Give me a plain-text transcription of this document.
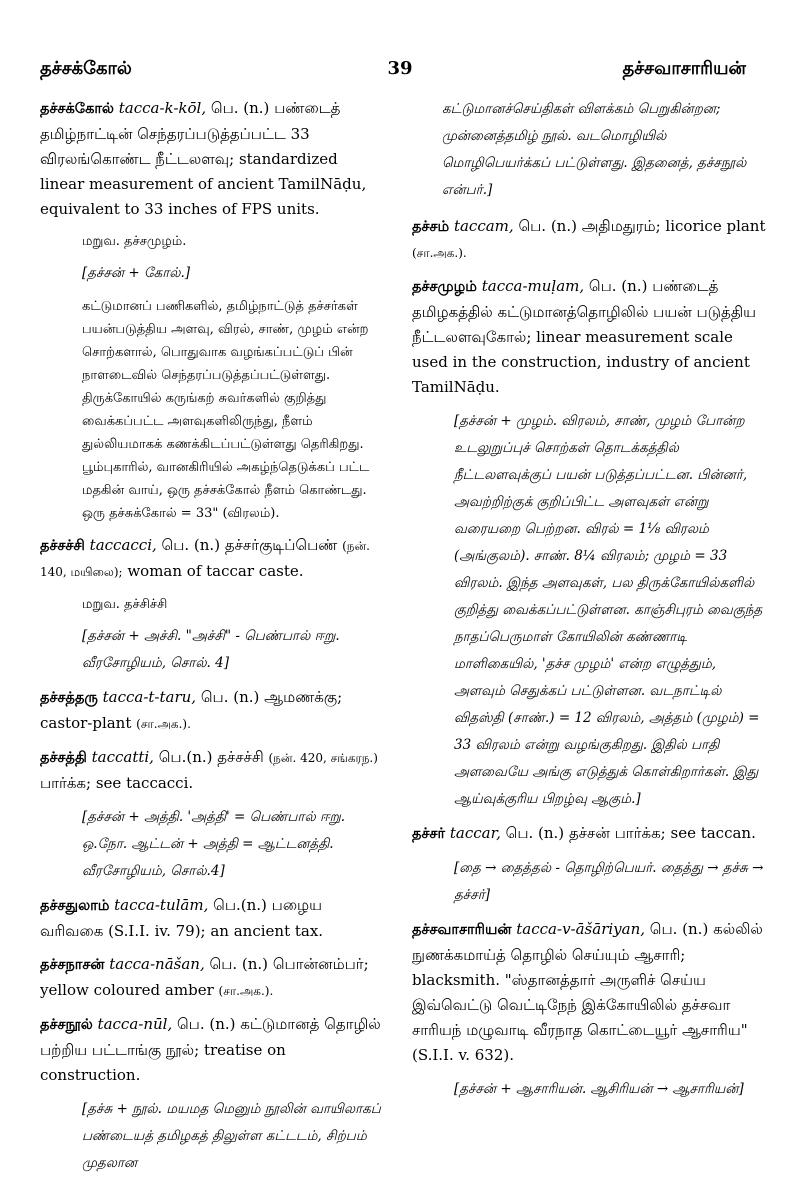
39
தச்சக்கோல்	தச்சவாசாரியன்
தச்சக்கோல் tacca-k-kōl, பெ. (n.) பண்டைத் தமிழ்நாட்டின் செந்தரப்படுத்தப்பட்ட 33 விரலங்கொண்ட நீட்டலளவு; standardized linear measurement of ancient TamilNāḍu, equivalent to 33 inches of FPS units.
மறுவ. தச்சமுழம்.
[தச்சன் + கோல்.]
கட்டுமானப் பணிகளில், தமிழ்நாட்டுத் தச்சர்கள் பயன்படுத்திய அளவு, விரல், சாண், முழம் என்ற சொற்களால், பொதுவாக வழங்கப்பட்டுப் பின் நாளடைவில் செந்தரப்படுத்தப்பட்டுள்ளது. திருக்கோயில் கருங்கற் சுவர்களில் குறித்து வைக்கப்பட்ட அளவுகளிலிருந்து, நீளம் துல்லியமாகக் கணக்கிடப்பட்டுள்ளது தெரிகிறது. பூம்புகாரில், வானகிரியில் அகழ்ந்தெடுக்கப் பட்ட மதகின் வாய், ஒரு தச்சக்கோல் நீளம் கொண்டது. ஒரு தச்சுக்கோல் = 33" (விரலம்).
தச்சச்சி taccacci, பெ. (n.) தச்சர்குடிப்பெண் (நன். 140, மயிலை); woman of taccar caste.
மறுவ. தச்சிச்சி
[தச்சன் + அச்சி. "அச்சி" - பெண்பால் ஈறு. வீரசோழியம், சொல். 4]
தச்சத்தரு tacca-t-taru, பெ. (n.) ஆமணக்கு; castor-plant (சா.அக.).
தச்சத்தி taccatti, பெ.(n.) தச்சச்சி (நன். 420, சங்கரந.) பார்க்க; see taccacci.
[தச்சன் + அத்தி. 'அத்தி' = பெண்பால் ஈறு. ஒ.நோ. ஆட்டன் + அத்தி = ஆட்டனத்தி. வீரசோழியம், சொல்.4]
தச்சதுலாம் tacca-tulām, பெ.(n.) பழைய வரிவகை (S.I.I. iv. 79); an ancient tax.
தச்சநாசன் tacca-nāšan, பெ. (n.) பொன்னம்பர்; yellow coloured amber (சா.அக.).
தச்சநூல் tacca-nūl, பெ. (n.) கட்டுமானத் தொழில் பற்றிய பட்டாங்கு நூல்; treatise on construction.
[தச்சு + நூல். மயமத மெனும் நூலின் வாயிலாகப் பண்டையத் தமிழகத் திலுள்ள கட்டடம், சிற்பம் முதலான
கட்டுமானச்செய்திகள் விளக்கம் பெறுகின்றன; முன்னைத்தமிழ் நூல். வடமொழியில் மொழிபெயர்க்கப் பட்டுள்ளது. இதனைத், தச்சநூல் என்பர்.]
தச்சம் taccam, பெ. (n.) அதிமதுரம்; licorice plant (சா.அக.).
தச்சமுழம் tacca-muḷam, பெ. (n.) பண்டைத் தமிழகத்தில் கட்டுமானத்தொழிலில் பயன் படுத்திய நீட்டலளவுகோல்; linear measurement scale used in the construction, industry of ancient TamilNāḍu.
[தச்சன் + முழம். விரலம், சாண், முழம் போன்ற உடலுறுப்புச் சொற்கள் தொடக்கத்தில் நீட்டலளவுக்குப் பயன் படுத்தப்பட்டன. பின்னர், அவற்றிற்குக் குறிப்பிட்ட அளவுகள் என்று வரையறை பெற்றன. விரல் = 1⅛ விரலம் (அங்குலம்). சாண். 8¼ விரலம்; முழம் = 33 விரலம். இந்த அளவுகள், பல திருக்கோயில்களில் குறித்து வைக்கப்பட்டுள்ளன. காஞ்சிபுரம் வைகுந்த நாதப்பெருமாள் கோயிலின் கண்ணாடி மாளிகையில், 'தச்ச முழம்' என்ற எழுத்தும், அளவும் செதுக்கப் பட்டுள்ளன. வடநாட்டில் விதஸ்தி (சாண்.) = 12 விரலம், அத்தம் (முழம்) = 33 விரலம் என்று வழங்குகிறது. இதில் பாதி அளவையே அங்கு எடுத்துக் கொள்கிறார்கள். இது ஆய்வுக்குரிய பிறழ்வு ஆகும்.]
தச்சர் taccar, பெ. (n.) தச்சன் பார்க்க; see taccan.
[தை → தைத்தல் - தொழிற்பெயர். தைத்து → தச்சு → தச்சர்]
தச்சவாசாரியன் tacca-v-āšāriyan, பெ. (n.) கல்லில் நுணக்கமாய்த் தொழில் செய்யும் ஆசாரி; blacksmith. "ஸ்தானத்தார் அருளிச் செய்ய இவ்வெட்டு வெட்டிநேந் இக்கோயிலில் தச்சவா சாரியந் மழுவாடி வீரநாத கொட்டையூர் ஆசாரிய" (S.I.I. v. 632).
[தச்சன் + ஆசாரியன். ஆசிரியன் → ஆசாரியன்]
